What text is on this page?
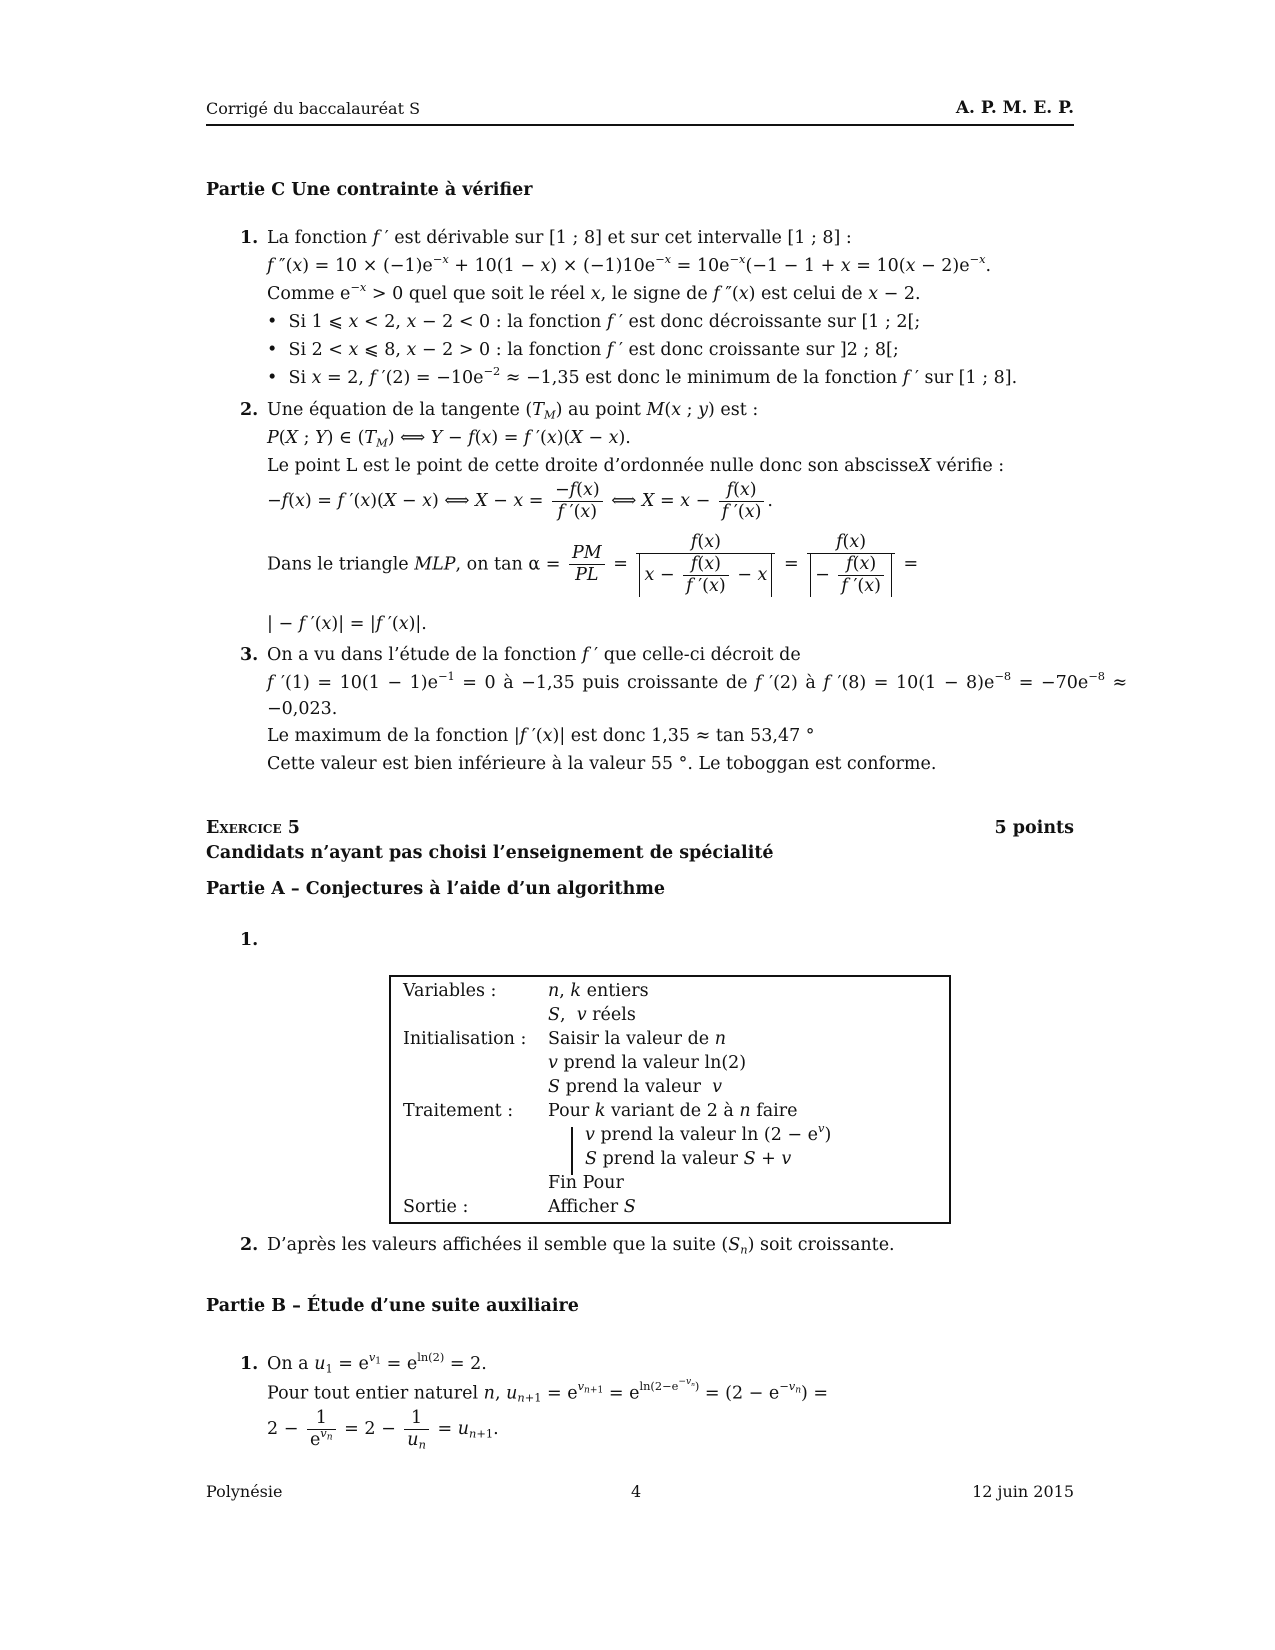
Corrigé du baccalauréat S	A. P. M. E. P.
Partie C Une contrainte à vérifier
1. La fonction f ′ est dérivable sur [1 ; 8] et sur cet intervalle [1 ; 8] :
f $''(x) = 10 \times (-1)e^{-x} + 10(1 - x) \times (-1)10e^{-x} = 10e^{-x}(-1 - 1 + x = 10(x - 2)e^{-x}$.
Comme $e^{-x} > 0$ quel que soit le réel x, le signe de f ″(x) est celui de x − 2.
•  Si 1 ⩽ x < 2, x − 2 < 0 : la fonction f ′ est donc décroissante sur [1 ; 2[;
•  Si 2 < x ⩽ 8, x − 2 > 0 : la fonction f ′ est donc croissante sur ]2 ; 8[;
•  Si x = 2, f $'(2) = -10e^{-2} \approx -1,35$ est donc le minimum de la fonction f ′ sur [1 ; 8].
2. Une équation de la tangente $(T_M)$ au point M(x ; y) est :
P(X ; Y) ∈ $(T_M)$ ⟺ Y − f(x) = f ′(x)(X − x).
Le point L est le point de cette droite d’ordonnée nulle donc son abscisseX vérifie :
−f(x) = f ′(x)(X − x) ⟺ $X - x = \frac{-f(x)}{f '(x)}$ ⟺ $X = x - \frac{f(x)}{f '(x)}$ .
Dans le triangle MLP, on $\tan \alpha = \frac{PM}{PL} = \frac{f(x)}{x - \frac{f(x)}{f '(x)} - x} = \frac{f(x)}{- \frac{f(x)}{f '(x)}}$ =
| − f ′(x)| = |f ′(x)|.
3. On a vu dans l’étude de la fonction f ′ que celle-ci décroit de
f $'(1) = 10(1 - 1)e^{-1} = 0$ à −1,35 puis croissante de f ′(2) à f $'(8) = 10(1 - 8)e^{-8} = -70e^{-8}$ ≈
−0,023.
Le maximum de la fonction |f ′(x)| est donc 1,35 ≈ tan 53,47 °
Cette valeur est bien inférieure à la valeur 55 °. Le toboggan est conforme.
Exercice 5	5 points
Candidats n’ayant pas choisi l’enseignement de spécialité
Partie A – Conjectures à l’aide d’un algorithme
1.
Variables :	n, k entiers
S,  v réels
Initialisation : Saisir la valeur de n
v prend la valeur ln(2)
S prend la valeur  v
Traitement : Pour k variant de 2 à n faire
v prend la valeur $\ln (2 - e^v)$
S prend la valeur S + v
Fin Pour
Sortie :	Afficher S
2. D’après les valeurs affichées il semble que la suite $(S_n)$ soit croissante.
Partie B – Étude d’une suite auxiliaire
1. On a $u_1 = e^{v_1} = e^{ln(2)} = 2$.
Pour tout entier naturel n, $u_{n+1} = e^{v_{n+1}} = e^{ln(2-e^{-v_n})} = (2 - e^{-v_n})$ =
$2 - \frac{1}{e^{v_n}} = 2 - \frac{1}{u_n} = u_{n+1}$.
Polynésie	4	12 juin 2015
